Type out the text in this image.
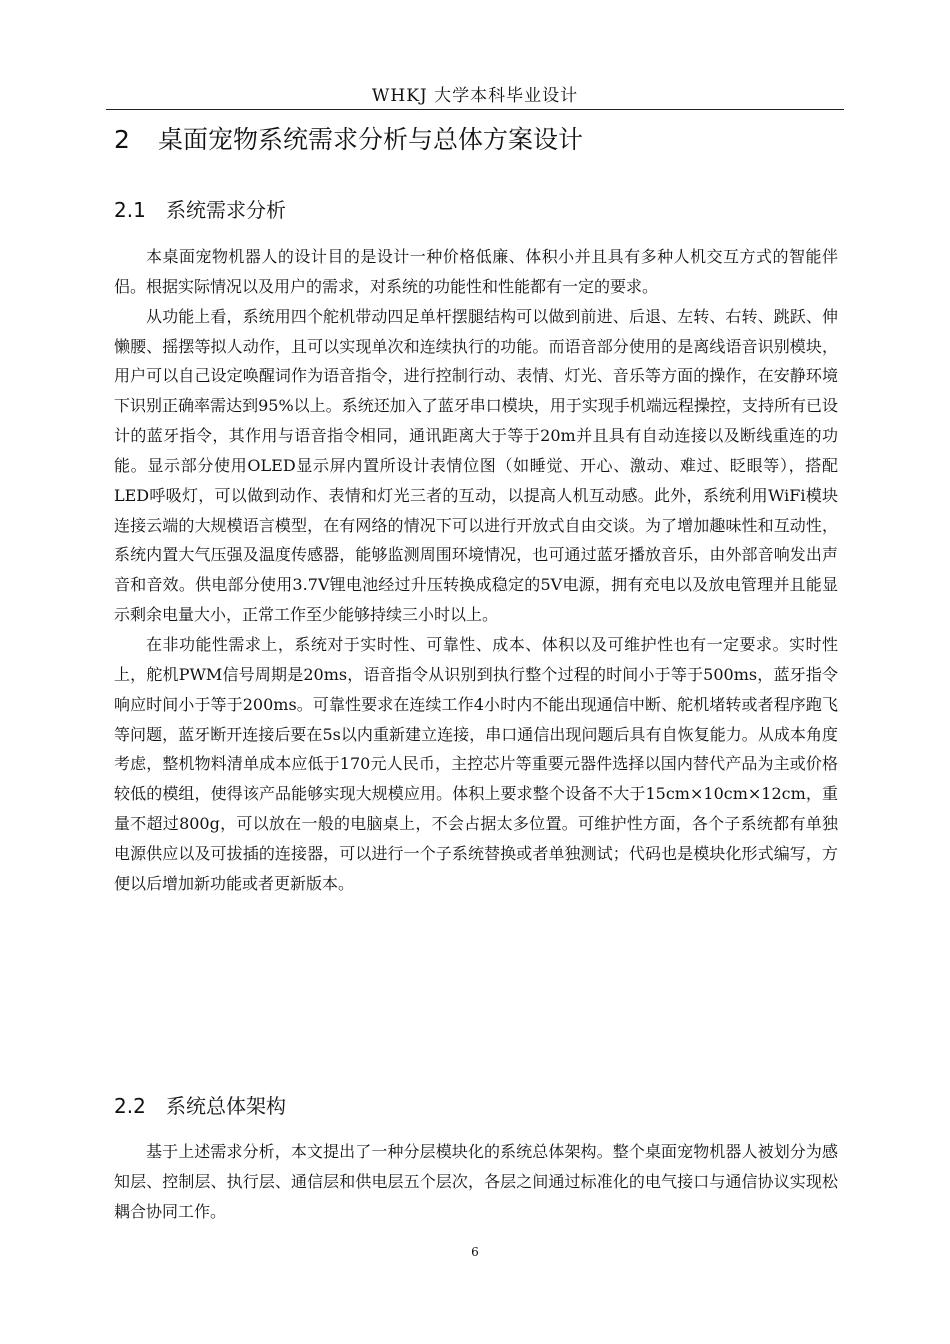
WHKJ 大学本科毕业设计
2 桌面宠物系统需求分析与总体方案设计
2.1 系统需求分析

本桌面宠物机器人的设计目的是设计一种价格低廉、体积小并且具有多种人机交互方式的智能伴侣。根据实际情况以及用户的需求，对系统的功能性和性能都有一定的要求。

从功能上看，系统用四个舵机带动四足单杆摆腿结构可以做到前进、后退、左转、右转、跳跃、伸懒腰、摇摆等拟人动作，且可以实现单次和连续执行的功能。而语音部分使用的是离线语音识别模块，用户可以自己设定唤醒词作为语音指令，进行控制行动、表情、灯光、音乐等方面的操作，在安静环境下识别正确率需达到95%以上。系统还加入了蓝牙串口模块，用于实现手机端远程操控，支持所有已设计的蓝牙指令，其作用与语音指令相同，通讯距离大于等于20m并且具有自动连接以及断线重连的功能。显示部分使用OLED显示屏内置所设计表情位图（如睡觉、开心、激动、难过、眨眼等），搭配LED呼吸灯，可以做到动作、表情和灯光三者的互动，以提高人机互动感。此外，系统利用WiFi模块连接云端的大规模语言模型，在有网络的情况下可以进行开放式自由交谈。为了增加趣味性和互动性，系统内置大气压强及温度传感器，能够监测周围环境情况，也可通过蓝牙播放音乐，由外部音响发出声音和音效。供电部分使用3.7V锂电池经过升压转换成稳定的5V电源，拥有充电以及放电管理并且能显示剩余电量大小，正常工作至少能够持续三小时以上。

在非功能性需求上，系统对于实时性、可靠性、成本、体积以及可维护性也有一定要求。实时性上，舵机PWM信号周期是20ms，语音指令从识别到执行整个过程的时间小于等于500ms，蓝牙指令响应时间小于等于200ms。可靠性要求在连续工作4小时内不能出现通信中断、舵机堵转或者程序跑飞等问题，蓝牙断开连接后要在5s以内重新建立连接，串口通信出现问题后具有自恢复能力。从成本角度考虑，整机物料清单成本应低于170元人民币，主控芯片等重要元器件选择以国内替代产品为主或价格较低的模组，使得该产品能够实现大规模应用。体积上要求整个设备不大于15cm×10cm×12cm，重量不超过800g，可以放在一般的电脑桌上，不会占据太多位置。可维护性方面，各个子系统都有单独电源供应以及可拔插的连接器，可以进行一个子系统替换或者单独测试；代码也是模块化形式编写，方便以后增加新功能或者更新版本。

2.2 系统总体架构

基于上述需求分析，本文提出了一种分层模块化的系统总体架构。整个桌面宠物机器人被划分为感知层、控制层、执行层、通信层和供电层五个层次，各层之间通过标准化的电气接口与通信协议实现松耦合协同工作。

6
